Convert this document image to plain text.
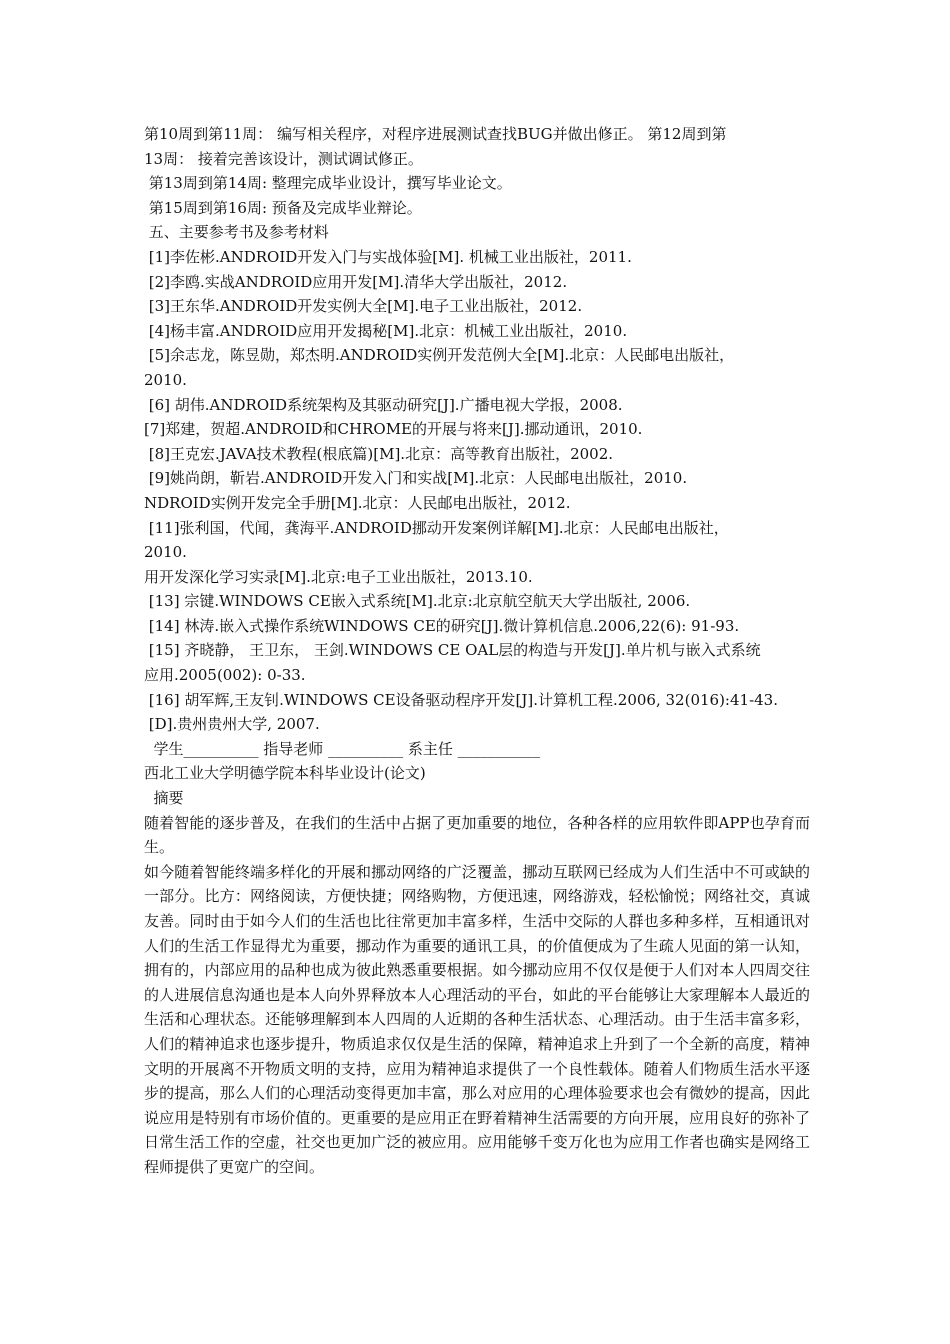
第10周到第11周： 编写相关程序，对程序进展测试查找BUG并做出修正。 第12周到第
13周： 接着完善该设计，测试调试修正。
第13周到第14周: 整理完成毕业设计，撰写毕业论文。
第15周到第16周: 预备及完成毕业辩论。
五、主要参考书及参考材料
[1]李佐彬.ANDROID开发入门与实战体验[M]. 机械工业出版社，2011.
[2]李鸥.实战ANDROID应用开发[M].清华大学出版社，2012.
[3]王东华.ANDROID开发实例大全[M].电子工业出版社，2012.
[4]杨丰富.ANDROID应用开发揭秘[M].北京：机械工业出版社，2010.
[5]余志龙，陈昱勋，郑杰明.ANDROID实例开发范例大全[M].北京：人民邮电出版社，
2010.
[6] 胡伟.ANDROID系统架构及其驱动研究[J].广播电视大学报，2008.
[7]郑建，贺超.ANDROID和CHROME的开展与将来[J].挪动通讯，2010.
[8]王克宏.JAVA技术教程(根底篇)[M].北京：高等教育出版社，2002.
[9]姚尚朗，靳岩.ANDROID开发入门和实战[M].北京：人民邮电出版社，2010.
NDROID实例开发完全手册[M].北京：人民邮电出版社，2012.
[11]张利国，代闻，龚海平.ANDROID挪动开发案例详解[M].北京：人民邮电出版社，
2010.
用开发深化学习实录[M].北京:电子工业出版社，2013.10.
[13] 宗键.WINDOWS CE嵌入式系统[M].北京:北京航空航天大学出版社, 2006.
[14] 林涛.嵌入式操作系统WINDOWS CE的研究[J].微计算机信息.2006,22(6): 91-93.
[15] 齐晓静， 王卫东， 王剑.WINDOWS CE OAL层的构造与开发[J].单片机与嵌入式系统
应用.2005(002): 0-33.
[16] 胡军辉,王友钊.WINDOWS CE设备驱动程序开发[J].计算机工程.2006, 32(016):41-43.
[D].贵州贵州大学, 2007.
学生__________ 指导老师 __________ 系主任 ___________
西北工业大学明德学院本科毕业设计(论文)
摘要
随着智能的逐步普及，在我们的生活中占据了更加重要的地位，各种各样的应用软件即APP也孕育而生。
如今随着智能终端多样化的开展和挪动网络的广泛覆盖，挪动互联网已经成为人们生活中不可或缺的一部分。比方：网络阅读，方便快捷；网络购物，方便迅速，网络游戏，轻松愉悦；网络社交，真诚友善。同时由于如今人们的生活也比往常更加丰富多样，生活中交际的人群也多种多样，互相通讯对人们的生活工作显得尤为重要，挪动作为重要的通讯工具，的价值便成为了生疏人见面的第一认知，拥有的，内部应用的品种也成为彼此熟悉重要根据。如今挪动应用不仅仅是便于人们对本人四周交往的人进展信息沟通也是本人向外界释放本人心理活动的平台，如此的平台能够让大家理解本人最近的生活和心理状态。还能够理解到本人四周的人近期的各种生活状态、心理活动。由于生活丰富多彩，人们的精神追求也逐步提升，物质追求仅仅是生活的保障，精神追求上升到了一个全新的高度，精神文明的开展离不开物质文明的支持，应用为精神追求提供了一个良性载体。随着人们物质生活水平逐步的提高，那么人们的心理活动变得更加丰富，那么对应用的心理体验要求也会有微妙的提高，因此说应用是特别有市场价值的。更重要的是应用正在野着精神生活需要的方向开展，应用良好的弥补了日常生活工作的空虚，社交也更加广泛的被应用。应用能够千变万化也为应用工作者也确实是网络工程师提供了更宽广的空间。
